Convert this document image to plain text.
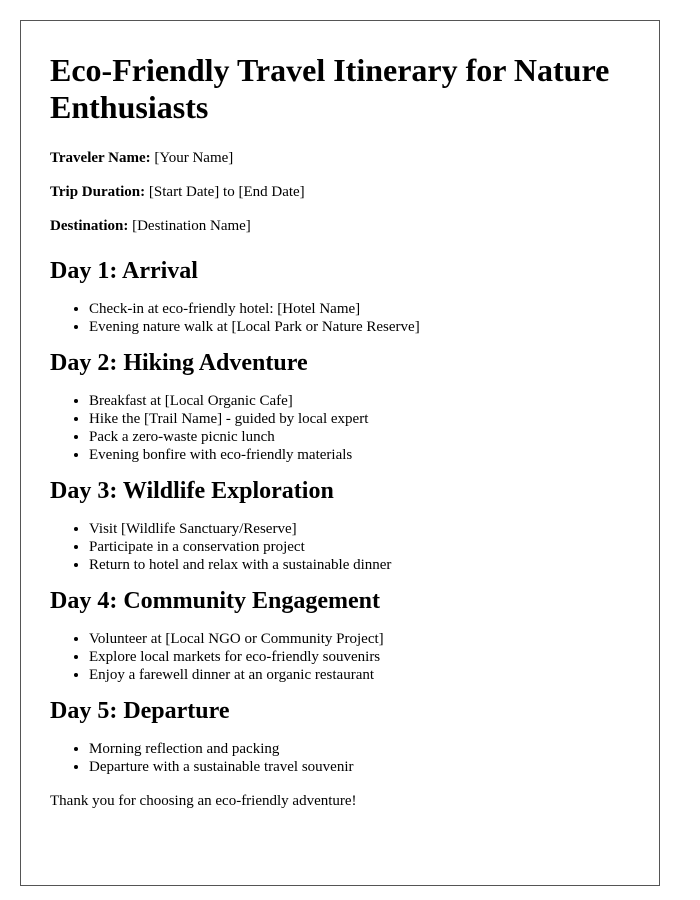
Eco-Friendly Travel Itinerary for Nature Enthusiasts

Traveler Name: [Your Name]

Trip Duration: [Start Date] to [End Date]

Destination: [Destination Name]

Day 1: Arrival
• Check-in at eco-friendly hotel: [Hotel Name]
• Evening nature walk at [Local Park or Nature Reserve]
Day 2: Hiking Adventure
• Breakfast at [Local Organic Cafe]
• Hike the [Trail Name] - guided by local expert
• Pack a zero-waste picnic lunch
• Evening bonfire with eco-friendly materials
Day 3: Wildlife Exploration
• Visit [Wildlife Sanctuary/Reserve]
• Participate in a conservation project
• Return to hotel and relax with a sustainable dinner
Day 4: Community Engagement
• Volunteer at [Local NGO or Community Project]
• Explore local markets for eco-friendly souvenirs
• Enjoy a farewell dinner at an organic restaurant
Day 5: Departure
• Morning reflection and packing
• Departure with a sustainable travel souvenir

Thank you for choosing an eco-friendly adventure!
